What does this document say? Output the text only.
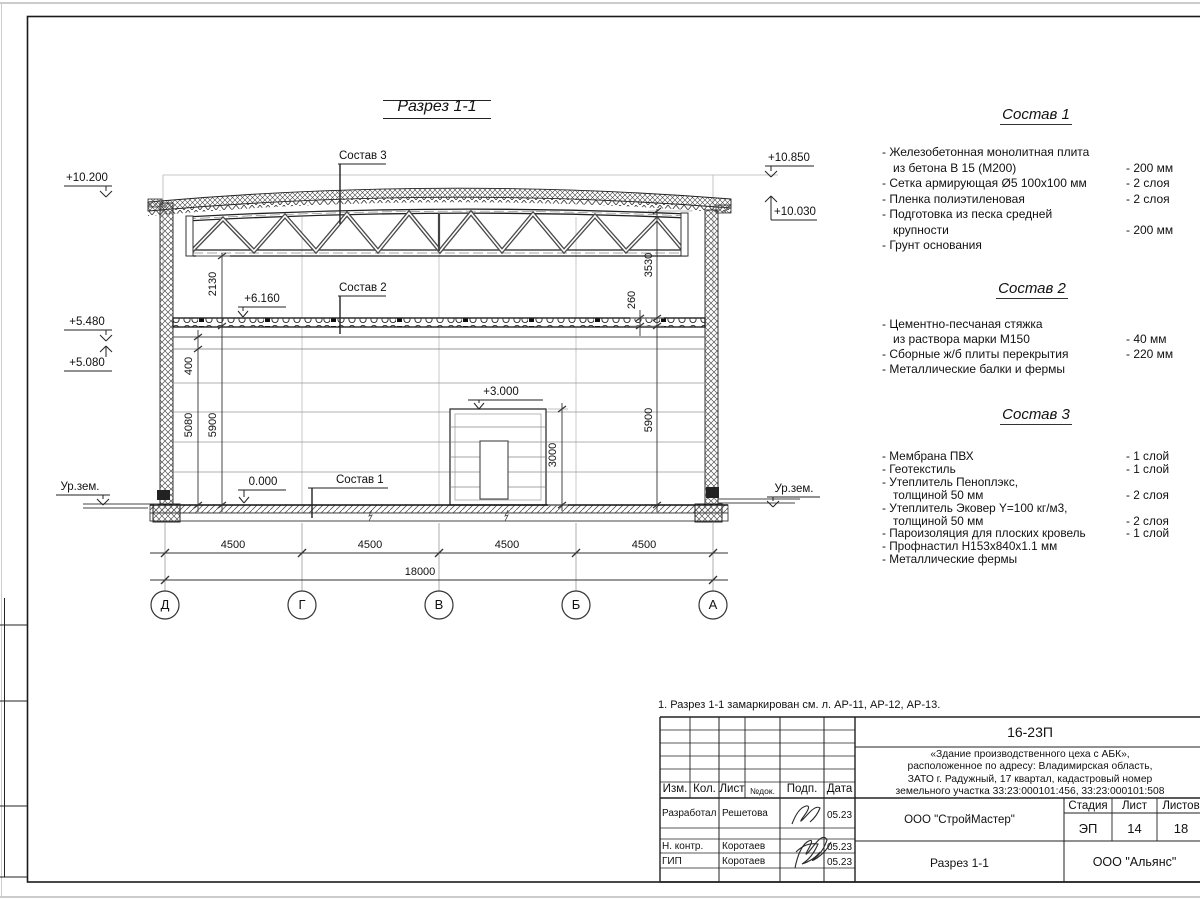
Разрез 1-1
+10.200
+5.480
+5.080
Ур.зем.
+10.850
+10.030
Ур.зем.
+6.160
+3.000
0.000
2130
400
5080 5900
3530
260
5900
3000
4500	4500	4500	4500
18000
Д	Г	В	Б	А
Состав 3
Состав 2
Состав 1
Состав 1
- Железобетонная монолитная плита
из бетона В 15 (М200)	- 200 мм
- Сетка армирующая Ø5 100х100 мм	- 2 слоя
- Пленка полиэтиленовая	- 2 слоя
- Подготовка из песка средней
крупности	- 200 мм
- Грунт основания
Состав 2
- Цементно-песчаная стяжка
из раствора марки М150	- 40 мм
- Сборные ж/б плиты перекрытия	- 220 мм
- Металлические балки и фермы
Состав 3
- Мембрана ПВХ	- 1 слой
- Геотекстиль	- 1 слой
- Утеплитель Пеноплэкс,
толщиной 50 мм	- 2 слоя
- Утеплитель Эковер Y=100 кг/м3,
толщиной 50 мм	- 2 слоя
- Пароизоляция для плоских кровель	- 1 слой
- Профнастил Н153х840х1.1 мм
- Металлические фермы
1. Разрез 1-1 замаркирован см. л. АР-11, АР-12, АР-13.
Изм. Кол. Лист №док.	Подп. Дата
Разработал Решетова	05.23
Н. контр. Коротаев	05.23
ГИП	Коротаев	05.23
16-23П
«Здание производственного цеха с АБК»,
расположенное по адресу: Владимирская область,
ЗАТО г. Радужный, 17 квартал, кадастровый номер
земельного участка 33:23:000101:456, 33:23:000101:508
ООО "СтройМастер"
Разрез 1-1
Стадия	Лист	Листов
ЭП	14	18
ООО "Альянс"
